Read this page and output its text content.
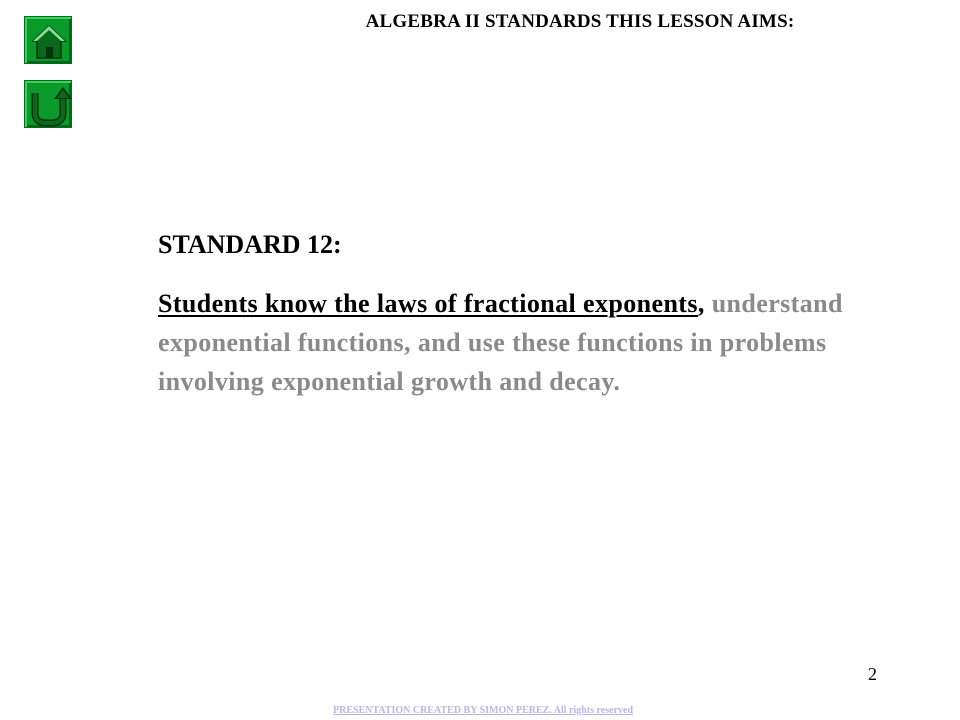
ALGEBRA II STANDARDS THIS LESSON AIMS:
STANDARD 12:
Students know the laws of fractional exponents, understand exponential functions, and use these functions in problems involving exponential growth and decay.
2
PRESENTATION CREATED BY SIMON PEREZ. All rights reserved
